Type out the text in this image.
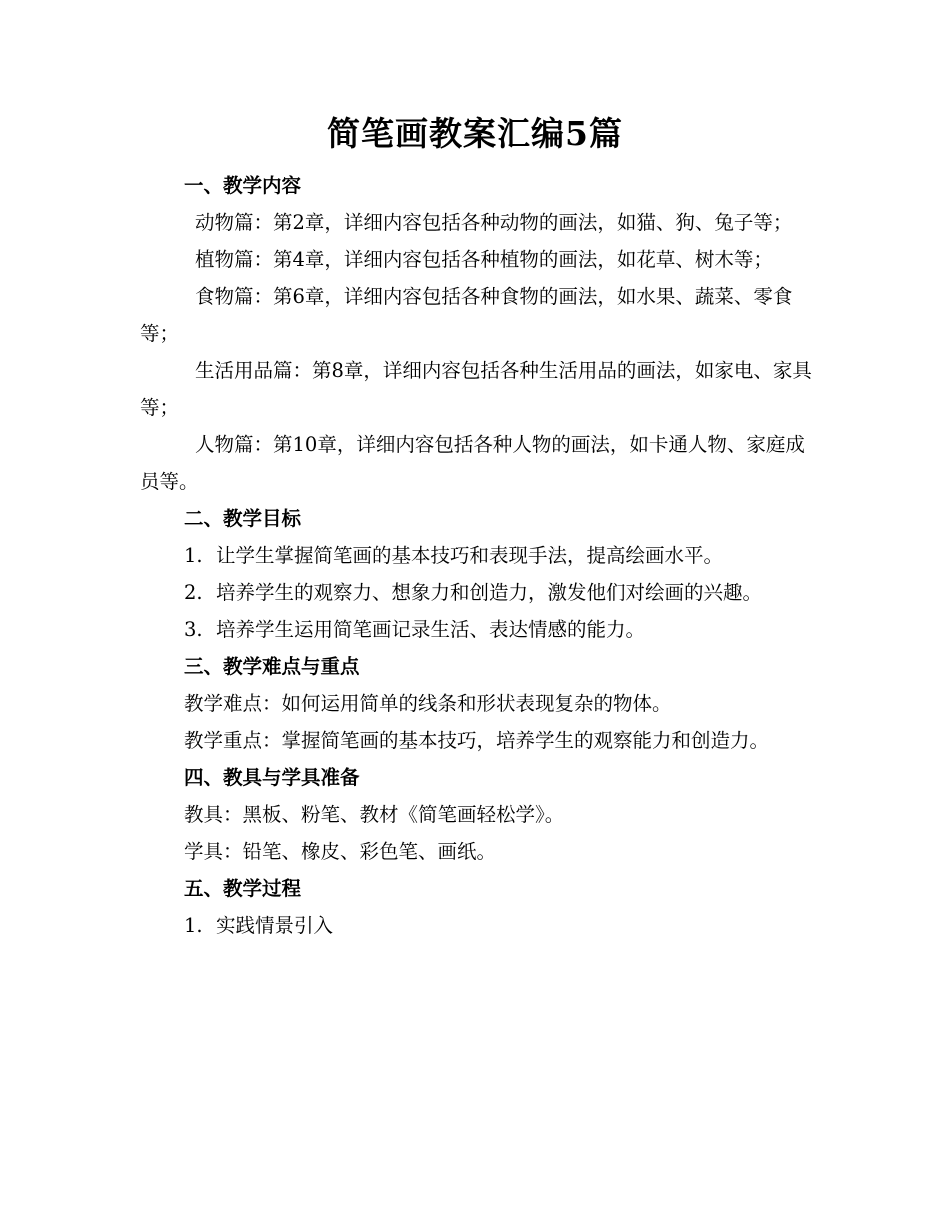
简笔画教案汇编5篇

一、教学内容

动物篇：第2章，详细内容包括各种动物的画法，如猫、狗、兔子等；

植物篇：第4章，详细内容包括各种植物的画法，如花草、树木等；

食物篇：第6章，详细内容包括各种食物的画法，如水果、蔬菜、零食等；

生活用品篇：第8章，详细内容包括各种生活用品的画法，如家电、家具等；

人物篇：第10章，详细内容包括各种人物的画法，如卡通人物、家庭成员等。

二、教学目标

1. 让学生掌握简笔画的基本技巧和表现手法，提高绘画水平。

2. 培养学生的观察力、想象力和创造力，激发他们对绘画的兴趣。

3. 培养学生运用简笔画记录生活、表达情感的能力。

三、教学难点与重点

教学难点：如何运用简单的线条和形状表现复杂的物体。

教学重点：掌握简笔画的基本技巧，培养学生的观察能力和创造力。

四、教具与学具准备

教具：黑板、粉笔、教材《简笔画轻松学》。

学具：铅笔、橡皮、彩色笔、画纸。

五、教学过程

1. 实践情景引入
